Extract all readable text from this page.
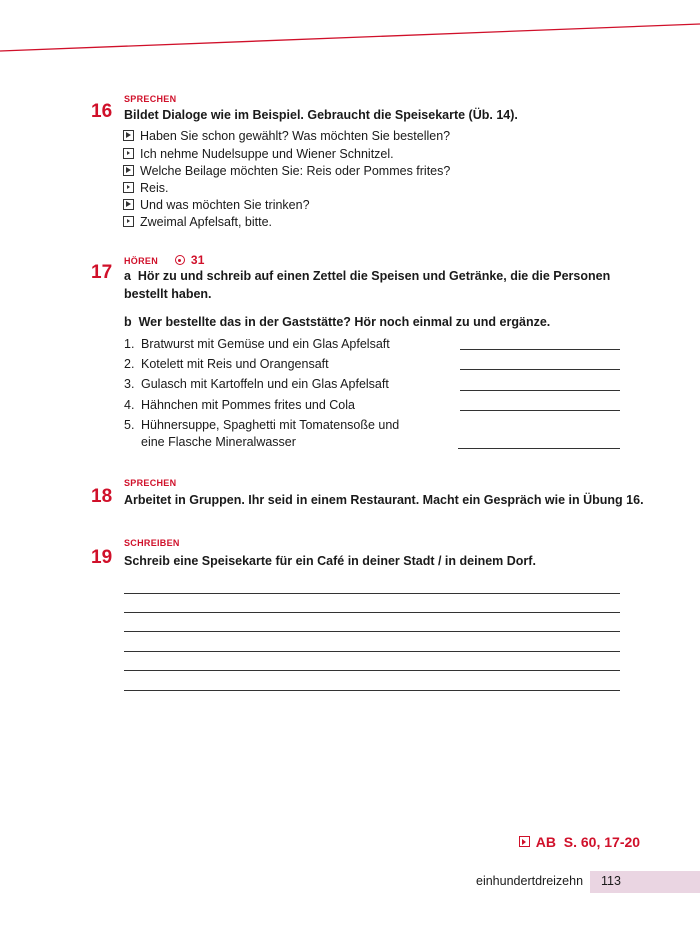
SPRECHEN
16 Bildet Dialoge wie im Beispiel. Gebraucht die Speisekarte (Üb. 14).
Haben Sie schon gewählt? Was möchten Sie bestellen?
Ich nehme Nudelsuppe und Wiener Schnitzel.
Welche Beilage möchten Sie: Reis oder Pommes frites?
Reis.
Und was möchten Sie trinken?
Zweimal Apfelsaft, bitte.
HÖREN	31
17 a Hör zu und schreib auf einen Zettel die Speisen und Getränke, die die Personen
bestellt haben.
b Wer bestellte das in der Gaststätte? Hör noch einmal zu und ergänze.
1. Bratwurst mit Gemüse und ein Glas Apfelsaft
2. Kotelett mit Reis und Orangensaft
3. Gulasch mit Kartoffeln und ein Glas Apfelsaft
4. Hähnchen mit Pommes frites und Cola
5. Hühnersuppe, Spaghetti mit Tomatensoße und
eine Flasche Mineralwasser
SPRECHEN
18 Arbeitet in Gruppen. Ihr seid in einem Restaurant. Macht ein Gespräch wie in Übung 16.
SCHREIBEN
19 Schreib eine Speisekarte für ein Café in deiner Stadt / in deinem Dorf.

AB  S. 60, 17-20

einhundertdreizehn 113
